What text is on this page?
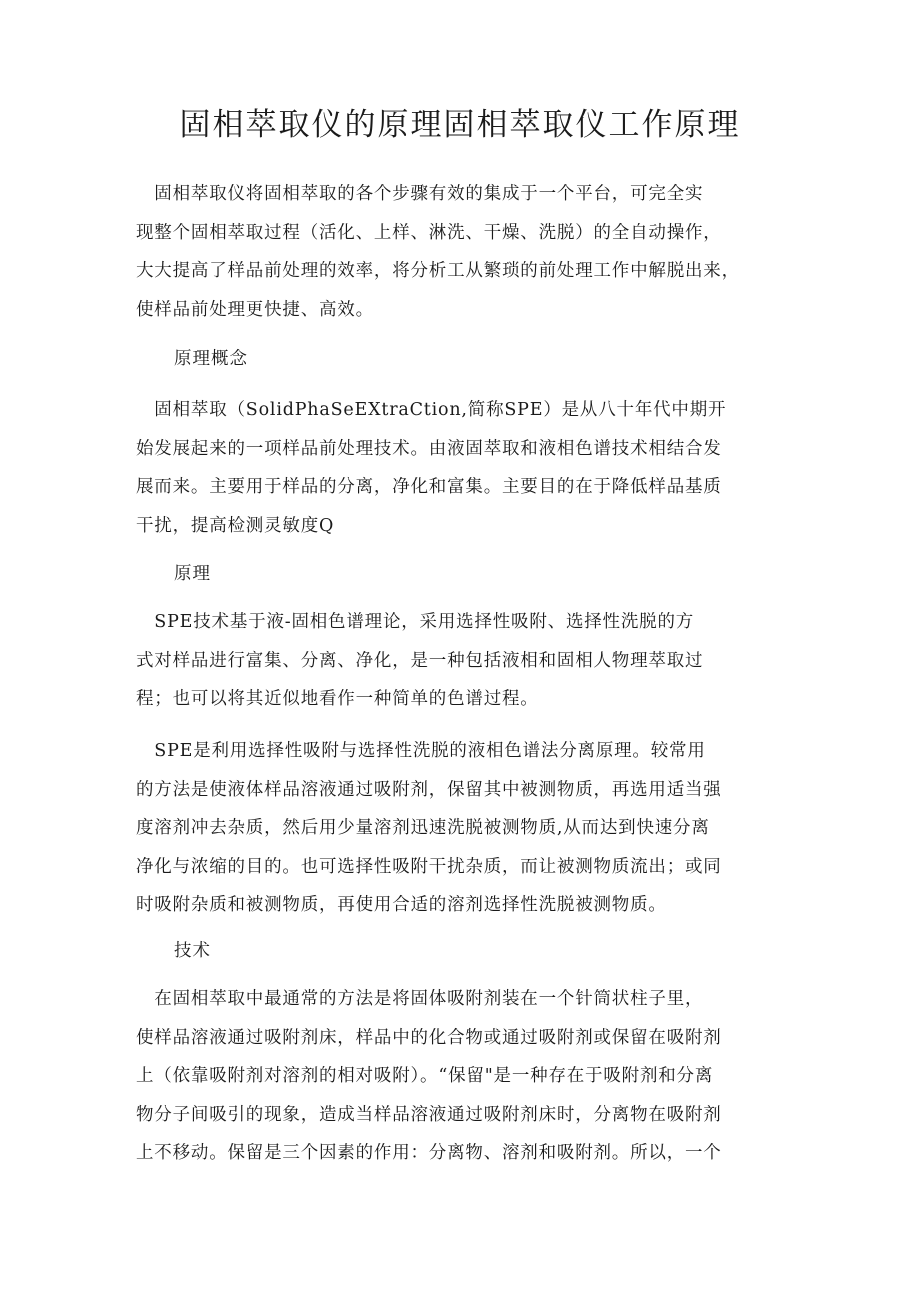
固相萃取仪的原理固相萃取仪工作原理
　固相萃取仪将固相萃取的各个步骤有效的集成于一个平台，可完全实
现整个固相萃取过程（活化、上样、淋洗、干燥、洗脱）的全自动操作，
大大提高了样品前处理的效率，将分析工从繁琐的前处理工作中解脱出来，
使样品前处理更快捷、高效。
原理概念
　固相萃取（SolidPhaSeEXtraCtion,简称SPE）是从八十年代中期开
始发展起来的一项样品前处理技术。由液固萃取和液相色谱技术相结合发
展而来。主要用于样品的分离，净化和富集。主要目的在于降低样品基质
干扰，提高检测灵敏度Q
原理
　SPE技术基于液-固相色谱理论，采用选择性吸附、选择性洗脱的方
式对样品进行富集、分离、净化，是一种包括液相和固相人物理萃取过
程；也可以将其近似地看作一种简单的色谱过程。
　SPE是利用选择性吸附与选择性洗脱的液相色谱法分离原理。较常用
的方法是使液体样品溶液通过吸附剂，保留其中被测物质，再选用适当强
度溶剂冲去杂质，然后用少量溶剂迅速洗脱被测物质,从而达到快速分离
净化与浓缩的目的。也可选择性吸附干扰杂质，而让被测物质流出；或同
时吸附杂质和被测物质，再使用合适的溶剂选择性洗脱被测物质。
技术
　在固相萃取中最通常的方法是将固体吸附剂装在一个针筒状柱子里，
使样品溶液通过吸附剂床，样品中的化合物或通过吸附剂或保留在吸附剂
上（依靠吸附剂对溶剂的相对吸附）。“保留"是一种存在于吸附剂和分离
物分子间吸引的现象，造成当样品溶液通过吸附剂床时，分离物在吸附剂
上不移动。保留是三个因素的作用：分离物、溶剂和吸附剂。所以，一个
